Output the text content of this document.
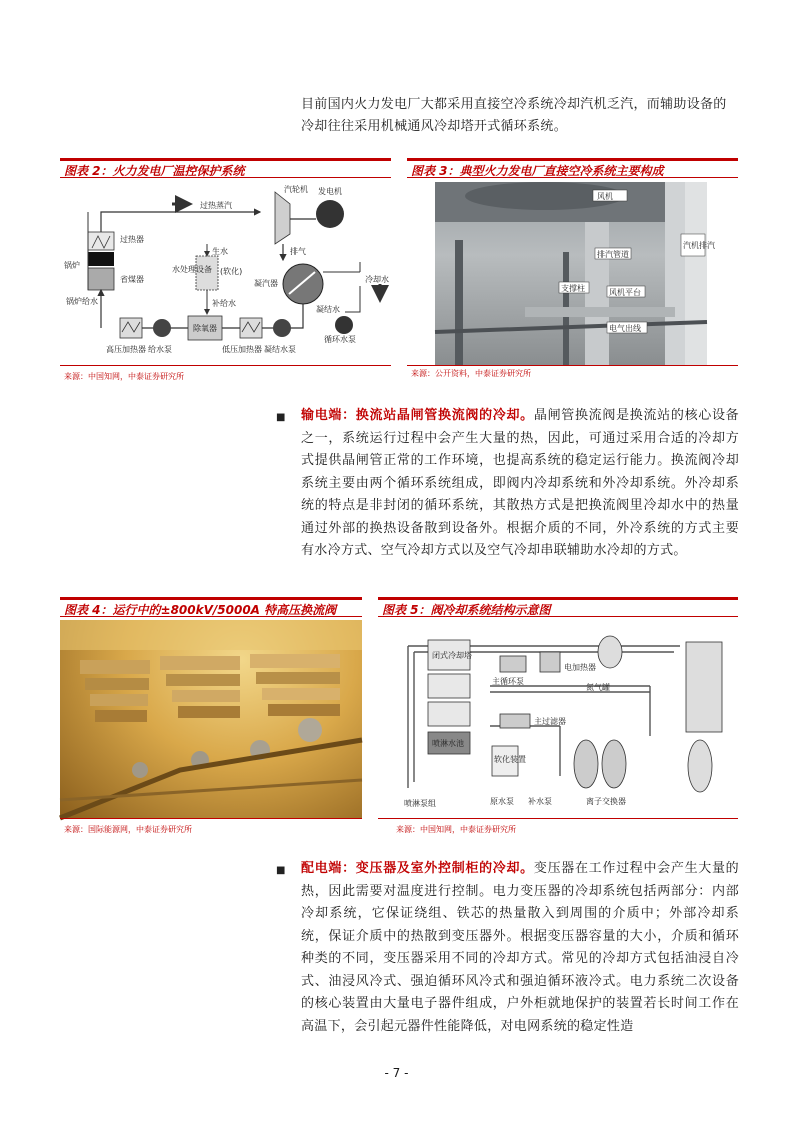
目前国内火力发电厂大都采用直接空冷系统冷却汽机乏汽，而辅助设备的冷却往往采用机械通风冷却塔开式循环系统。

图表 2：火力发电厂温控保护系统
过热蒸汽
汽轮机 发电机
排气
凝汽器	冷却水
循环水泵
凝结水
凝结水泵
低压加热器
除氧器
给水泵
高压加热器
生水
水处理设备 (软化)
补给水
过热器
省煤器
锅炉
锅炉给水
来源：中国知网，中泰证券研究所
图表 3：典型火力发电厂直接空冷系统主要构成
风机
排汽管道
支撑柱	风机平台
汽机排汽
电气出线
来源：公开资料，中泰证券研究所
■ 输电端：换流站晶闸管换流阀的冷却。晶闸管换流阀是换流站的核心设备之一，系统运行过程中会产生大量的热，因此，可通过采用合适的冷却方式提供晶闸管正常的工作环境，也提高系统的稳定运行能力。换流阀冷却系统主要由两个循环系统组成，即阀内冷却系统和外冷却系统。外冷却系统的特点是非封闭的循环系统，其散热方式是把换流阀里冷却水中的热量通过外部的换热设备散到设备外。根据介质的不同，外冷系统的方式主要有水冷方式、空气冷却方式以及空气冷却串联辅助水冷却的方式。

图表 4：运行中的±800kV/5000A 特高压换流阀
来源：国际能源网，中泰证券研究所
图表 5：阀冷却系统结构示意图
闭式冷却塔
喷淋水池
主循环泵
电加热器
氮气罐
主过滤器
软化装置
离子交换器
喷淋泵组	原水泵 补水泵
来源：中国知网，中泰证券研究所
■ 配电端：变压器及室外控制柜的冷却。变压器在工作过程中会产生大量的热，因此需要对温度进行控制。电力变压器的冷却系统包括两部分：内部冷却系统，它保证绕组、铁芯的热量散入到周围的介质中；外部冷却系统，保证介质中的热散到变压器外。根据变压器容量的大小，介质和循环种类的不同，变压器采用不同的冷却方式。常见的冷却方式包括油浸自冷式、油浸风冷式、强迫循环风冷式和强迫循环液冷式。电力系统二次设备的核心装置由大量电子器件组成，户外柜就地保护的装置若长时间工作在高温下，会引起元器件性能降低，对电网系统的稳定性造

- 7 -
